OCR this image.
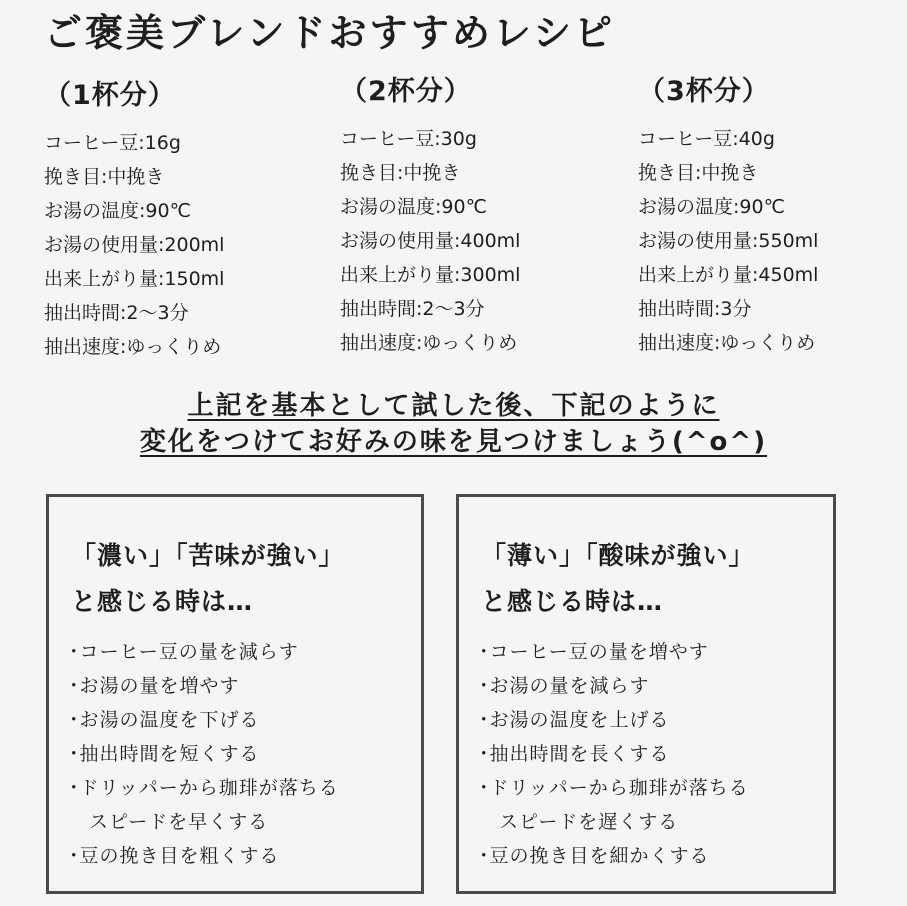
ご褒美ブレンドおすすめレシピ
（1杯分）
コーヒー豆:16g
挽き目:中挽き
お湯の温度:90℃
お湯の使用量:200ml
出来上がり量:150ml
抽出時間:2〜3分
抽出速度:ゆっくりめ
（2杯分）
コーヒー豆:30g
挽き目:中挽き
お湯の温度:90℃
お湯の使用量:400ml
出来上がり量:300ml
抽出時間:2〜3分
抽出速度:ゆっくりめ
（3杯分）
コーヒー豆:40g
挽き目:中挽き
お湯の温度:90℃
お湯の使用量:550ml
出来上がり量:450ml
抽出時間:3分
抽出速度:ゆっくりめ
上記を基本として試した後、下記のように
変化をつけてお好みの味を見つけましょう(^o^)
「濃い」「苦味が強い」
と感じる時は…
･コーヒー豆の量を減らす
･お湯の量を増やす
･お湯の温度を下げる
･抽出時間を短くする
･ドリッパーから珈琲が落ちる
　スピードを早くする
･豆の挽き目を粗くする
「薄い」「酸味が強い」
と感じる時は…
･コーヒー豆の量を増やす
･お湯の量を減らす
･お湯の温度を上げる
･抽出時間を長くする
･ドリッパーから珈琲が落ちる
　スピードを遅くする
･豆の挽き目を細かくする
